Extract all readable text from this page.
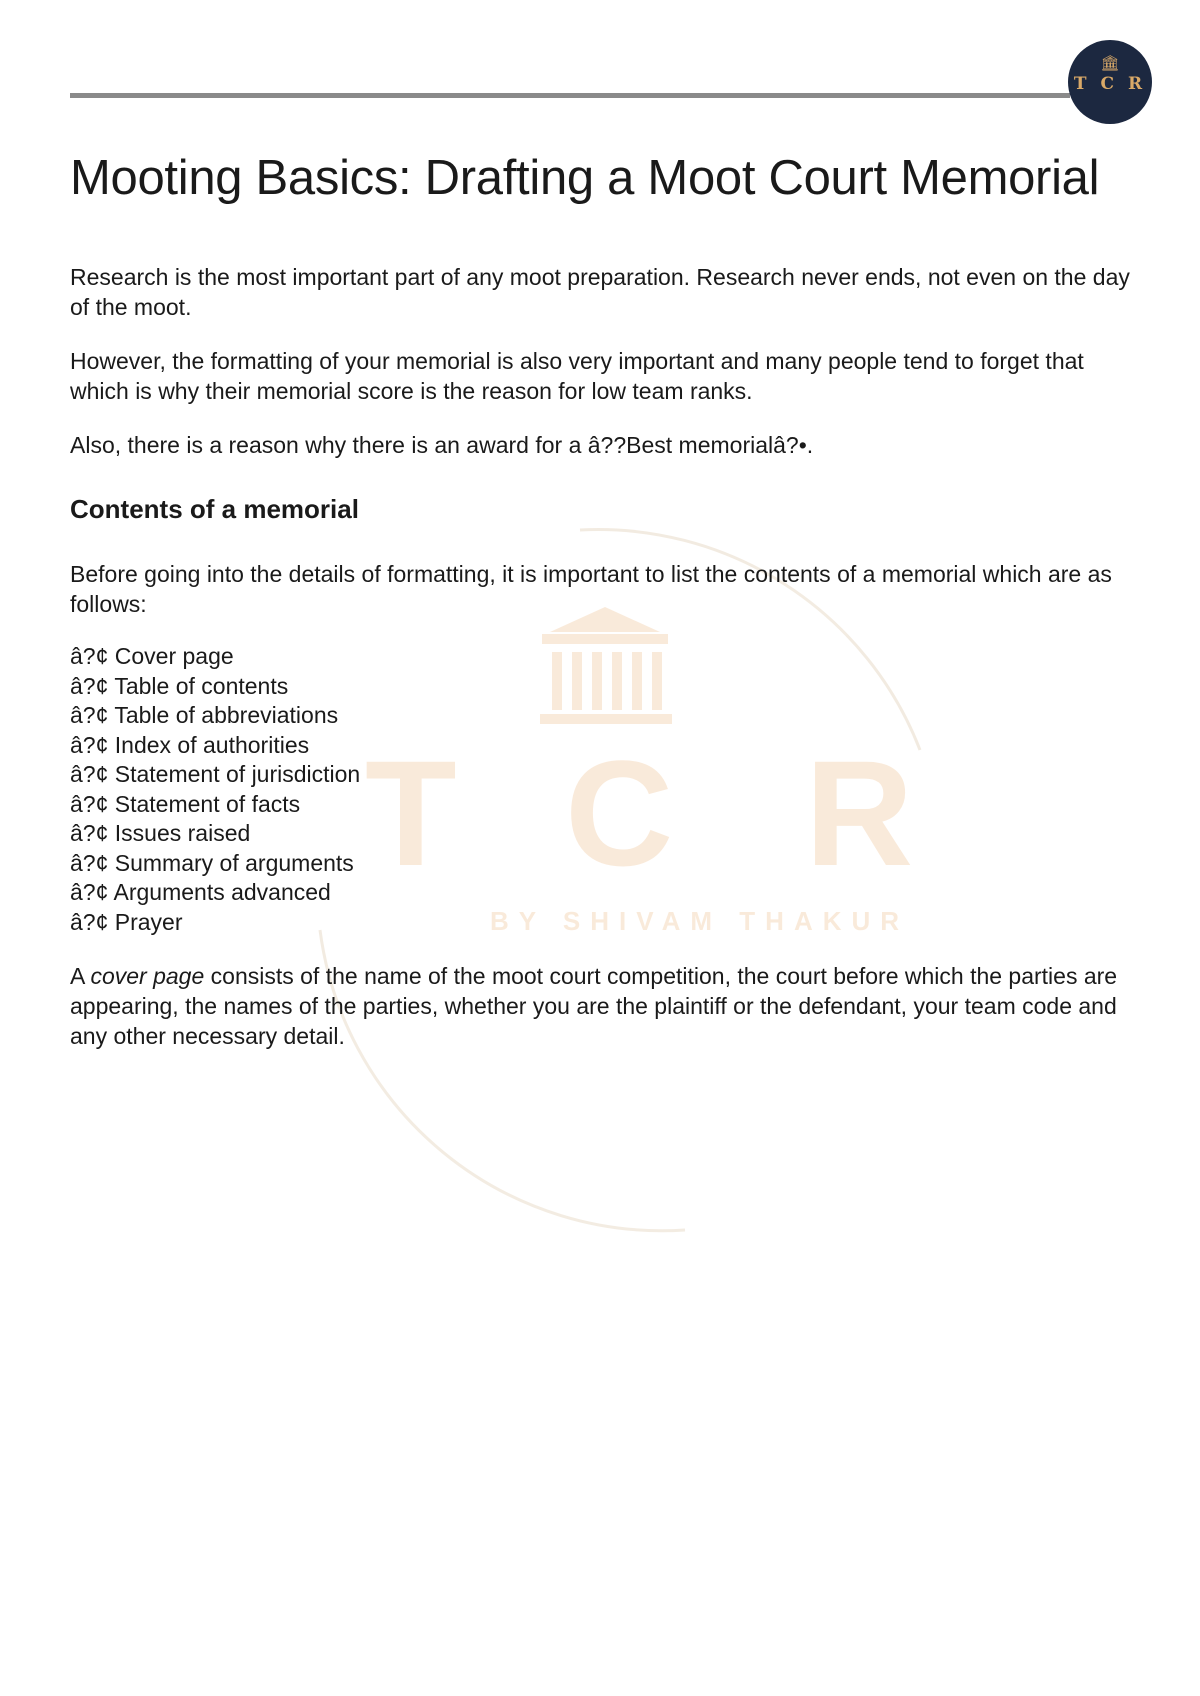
🏛︎
T C R
T C R
BY SHIVAM THAKUR
Mooting Basics: Drafting a Moot Court Memorial

Research is the most important part of any moot preparation. Research never ends, not even on the day of the moot.

However, the formatting of your memorial is also very important and many people tend to forget that which is why their memorial score is the reason for low team ranks.

Also, there is a reason why there is an award for a â??Best memorialâ?•.

Contents of a memorial

Before going into the details of formatting, it is important to list the contents of a memorial which are as follows:

â?¢ Cover page
â?¢ Table of contents
â?¢ Table of abbreviations
â?¢ Index of authorities
â?¢ Statement of jurisdiction
â?¢ Statement of facts
â?¢ Issues raised
â?¢ Summary of arguments
â?¢ Arguments advanced
â?¢ Prayer

A cover page consists of the name of the moot court competition, the court before which the parties are appearing, the names of the parties, whether you are the plaintiff or the defendant, your team code and any other necessary detail.
